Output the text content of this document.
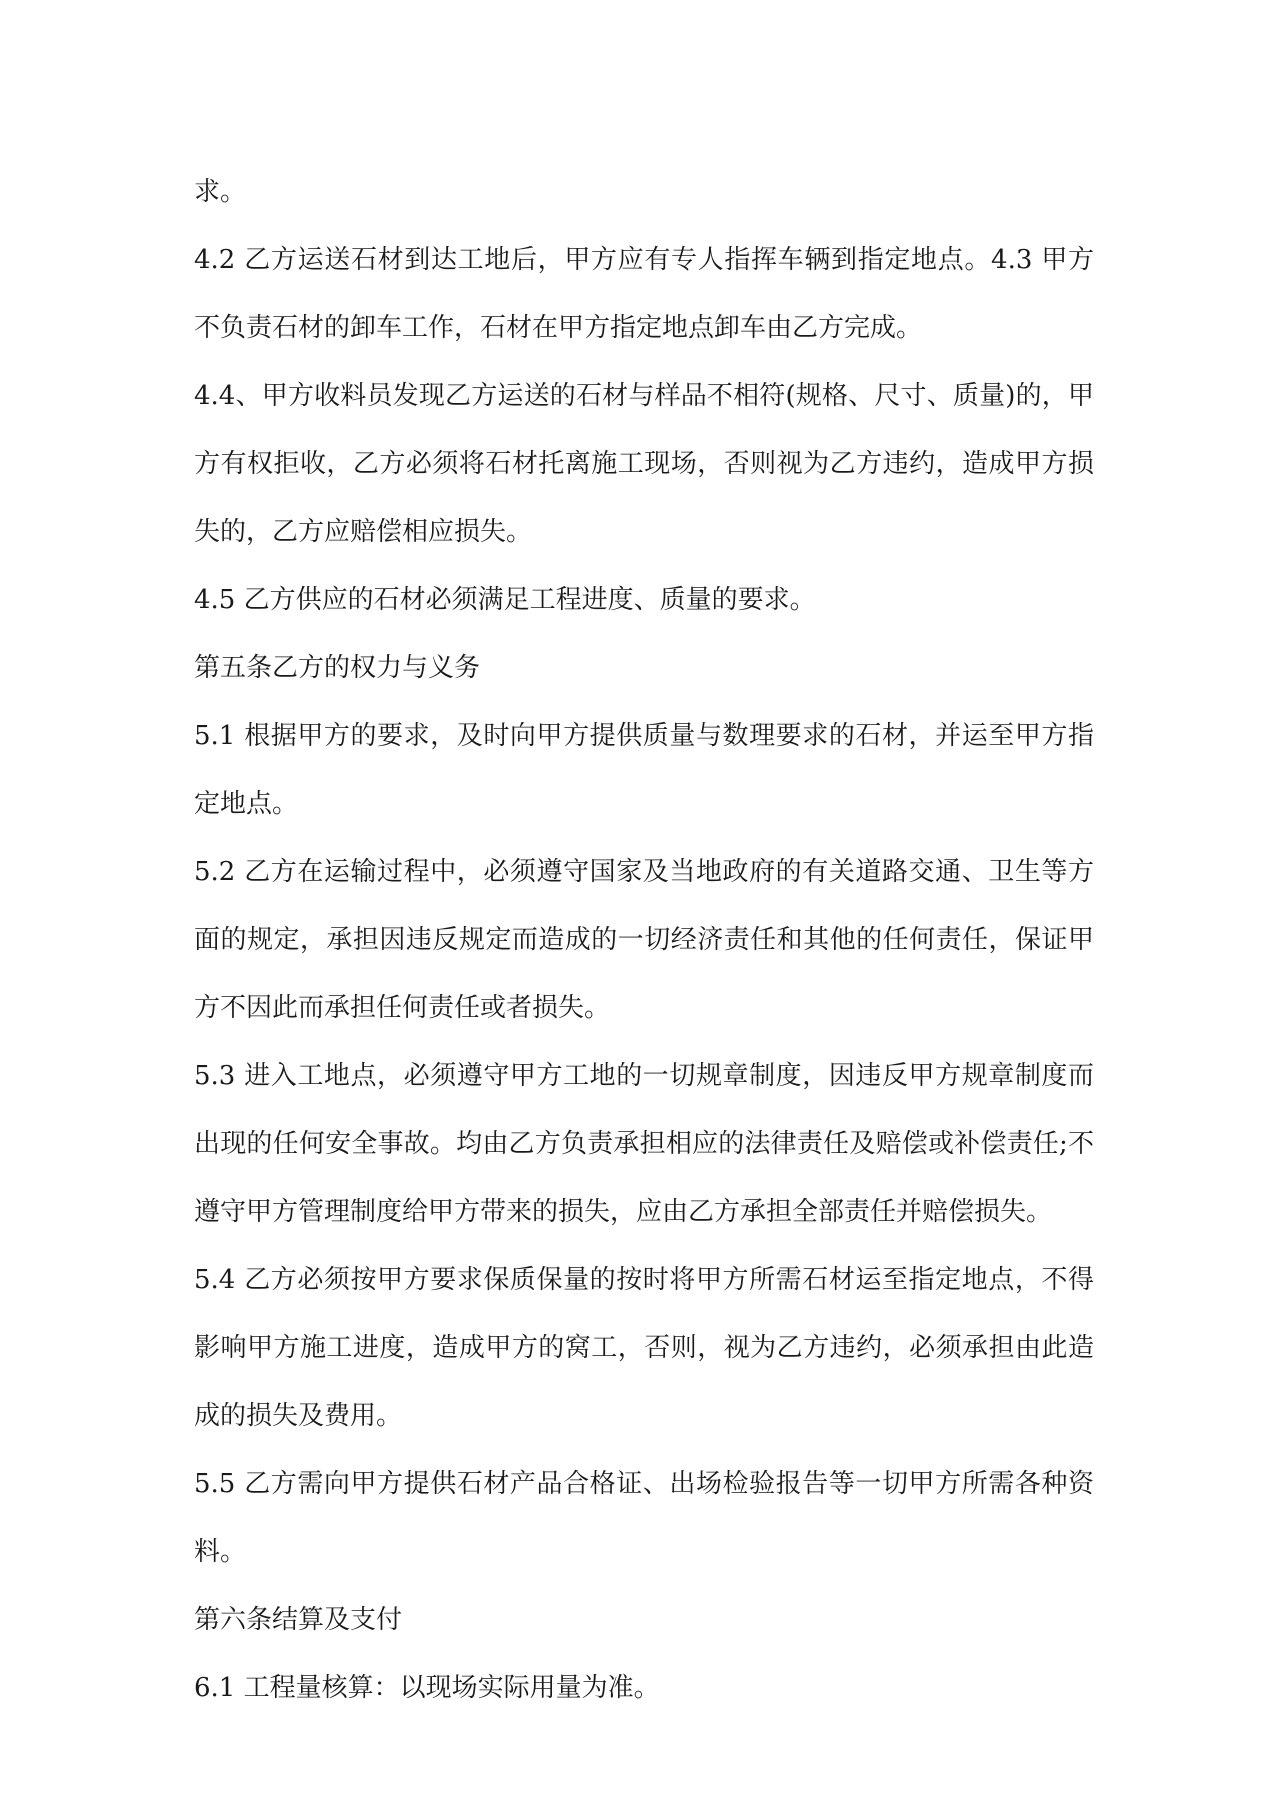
求。

4.2 乙方运送石材到达工地后，甲方应有专人指挥车辆到指定地点。4.3 甲方不负责石材的卸车工作，石材在甲方指定地点卸车由乙方完成。

4.4、甲方收料员发现乙方运送的石材与样品不相符(规格、尺寸、质量)的，甲方有权拒收，乙方必须将石材托离施工现场，否则视为乙方违约，造成甲方损失的，乙方应赔偿相应损失。

4.5 乙方供应的石材必须满足工程进度、质量的要求。

第五条乙方的权力与义务

5.1 根据甲方的要求，及时向甲方提供质量与数理要求的石材，并运至甲方指定地点。

5.2 乙方在运输过程中，必须遵守国家及当地政府的有关道路交通、卫生等方面的规定，承担因违反规定而造成的一切经济责任和其他的任何责任，保证甲方不因此而承担任何责任或者损失。

5.3 进入工地点，必须遵守甲方工地的一切规章制度，因违反甲方规章制度而出现的任何安全事故。均由乙方负责承担相应的法律责任及赔偿或补偿责任;不遵守甲方管理制度给甲方带来的损失，应由乙方承担全部责任并赔偿损失。

5.4 乙方必须按甲方要求保质保量的按时将甲方所需石材运至指定地点，不得影响甲方施工进度，造成甲方的窝工，否则，视为乙方违约，必须承担由此造成的损失及费用。

5.5 乙方需向甲方提供石材产品合格证、出场检验报告等一切甲方所需各种资料。

第六条结算及支付

6.1 工程量核算：以现场实际用量为准。
